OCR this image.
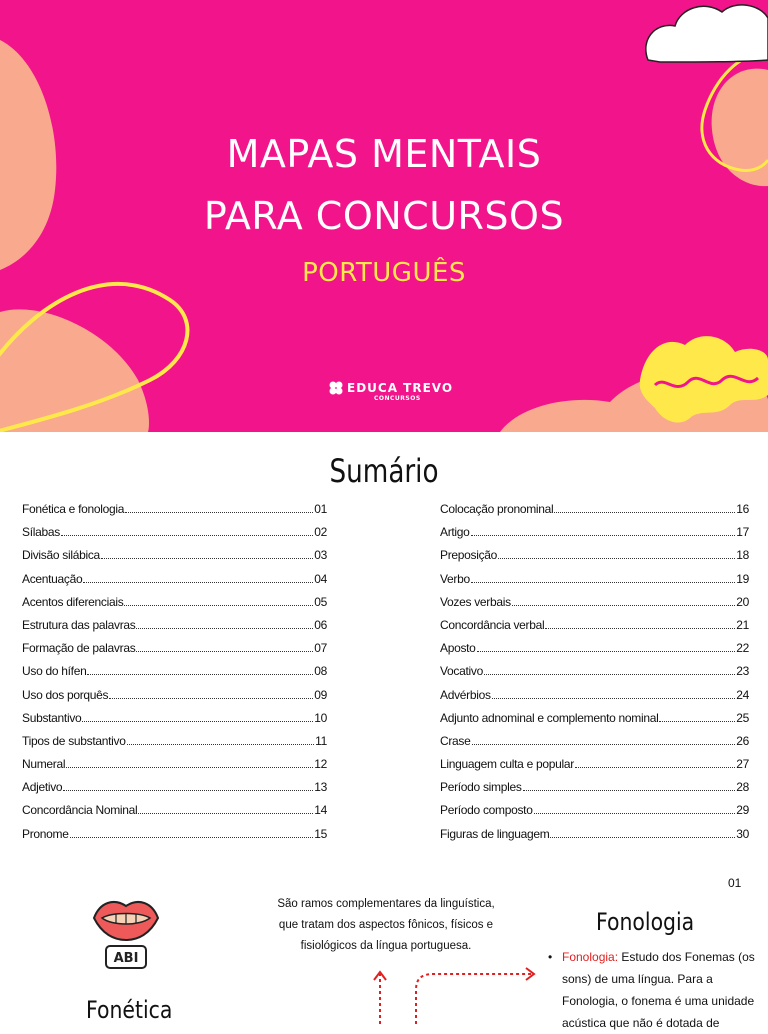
MAPAS MENTAIS
PARA CONCURSOS
PORTUGUÊS
EDUCA TREVO
CONCURSOS
Sumário
Fonética e fonologia	01
Sílabas	02
Divisão silábica	03
Acentuação	04
Acentos diferenciais	05
Estrutura das palavras	06
Formação de palavras	07
Uso do hífen	08
Uso dos porquês	09
Substantivo	10
Tipos de substantivo	11
Numeral	12
Adjetivo	13
Concordância Nominal	14
Pronome	15
Colocação pronominal	16
Artigo	17
Preposição	18
Verbo	19
Vozes verbais	20
Concordância verbal	21
Aposto	22
Vocativo	23
Advérbios	24
Adjunto adnominal e complemento nominal	25
Crase	26
Linguagem culta e popular	27
Período simples	28
Período composto	29
Figuras de linguagem	30
01
ABI
São ramos complementares da linguística, que tratam dos aspectos fônicos, físicos e fisiológicos da língua portuguesa.
Fonética
Fonologia
• Fonologia: Estudo dos Fonemas (os sons) de uma língua. Para a Fonologia, o fonema é uma unidade acústica que não é dotada de
